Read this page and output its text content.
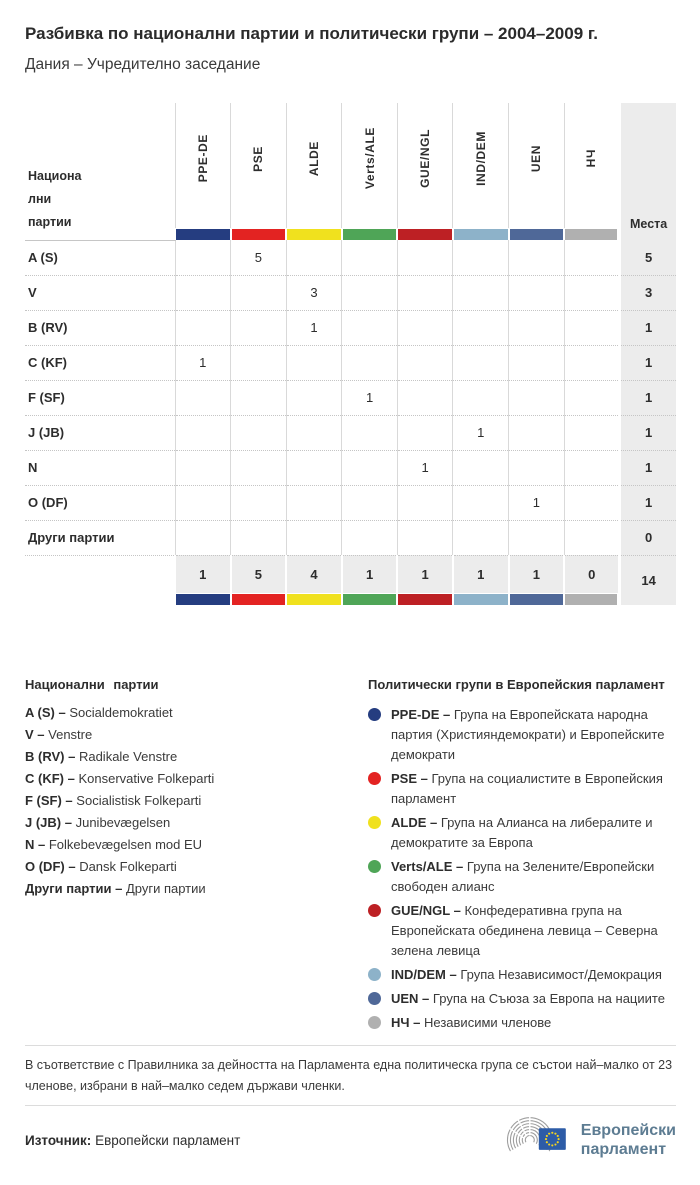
Разбивка по национални партии и политически групи – 2004–2009 г.
Дания – Учредително заседание
Национа
лни
партии	PPE-DE	PSE	ALDE	Verts/ALE	GUE/NGL	IND/DEM	UEN	НЧ	Места

A (S)		5							5
V			3						3
B (RV)			1						1
C (KF)	1								1
F (SF)				1					1
J (JB)						1			1
N					1				1
O (DF)							1		1
Други партии									0
	1	5	4	1	1	1	1	0	14

Национални партии

A (S) – Socialdemokratiet

V – Venstre

B (RV) – Radikale Venstre

C (KF) – Konservative Folkeparti

F (SF) – Socialistisk Folkeparti

J (JB) – Junibevægelsen

N – Folkebevægelsen mod EU

O (DF) – Dansk Folkeparti

Други партии – Други партии

Политически групи в Европейския парламент
PPE-DE – Група на Европейската народна партия (Християндемократи) и Европейските демократи
PSE – Група на социалистите в Европейския парламент
ALDE – Група на Алианса на либералите и демократите за Европа
Verts/ALE – Група на Зелените/Европейски свободен алианс
GUE/NGL – Конфедеративна група на Европейската обединена левица – Северна зелена левица
IND/DEM – Група Независимост/Демокрация
UEN – Група на Съюза за Европа на нациите
НЧ – Независими членове

В съответствие с Правилника за дейността на Парламента една политическа група се състои най–малко от 23 членове, избрани в най–малко седем държави членки.

Източник: Европейски парламент

Европейски
парламент
